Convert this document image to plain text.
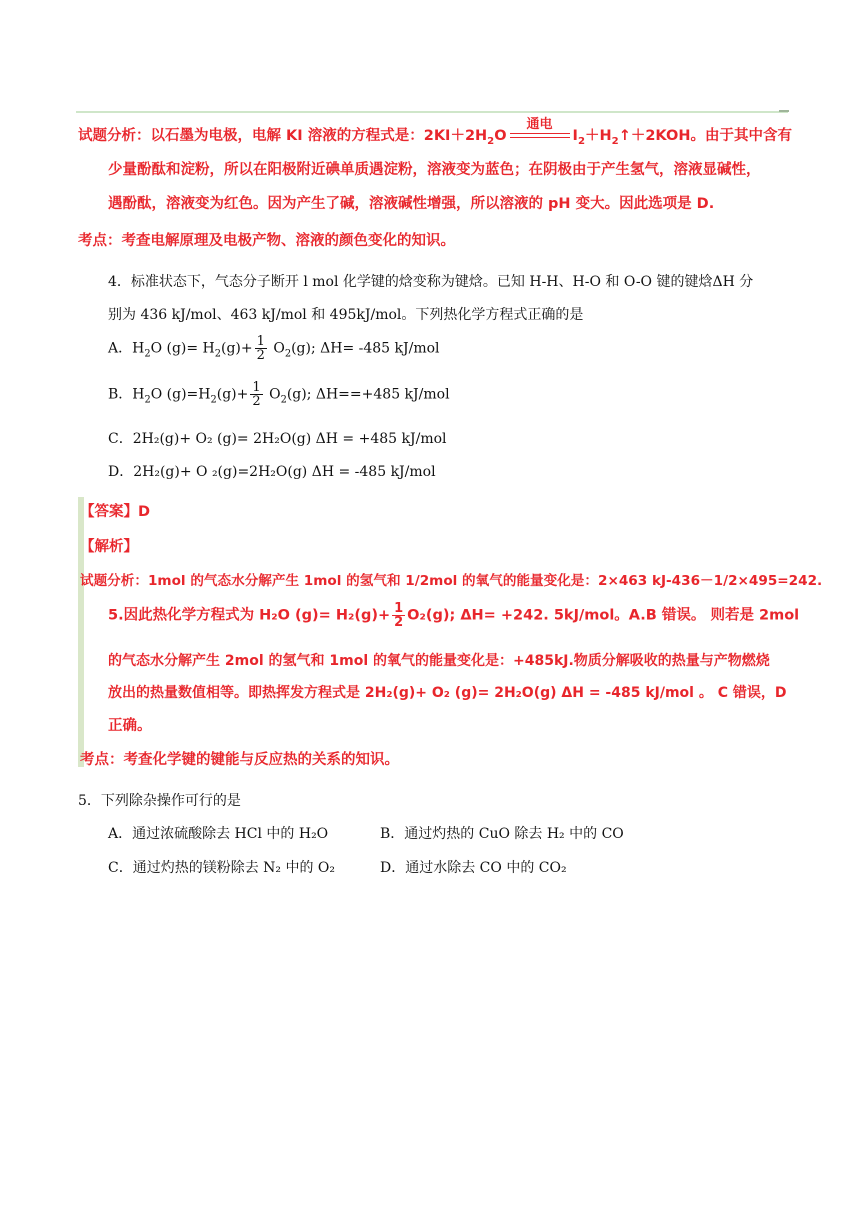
试题分析：以石墨为电极，电解 KI 溶液的方程式是：$2KI+2H_2O$
通电
$I_2+H_2↑+2KOH$。由于其中含有
少量酚酞和淀粉，所以在阳极附近碘单质遇淀粉，溶液变为蓝色；在阴极由于产生氢气，溶液显碱性，
遇酚酞，溶液变为红色。因为产生了碱，溶液碱性增强，所以溶液的 pH 变大。因此选项是 D.
考点：考查电解原理及电极产物、溶液的颜色变化的知识。
4．标准状态下，气态分子断开 l mol 化学键的焓变称为键焓。已知 H-H、H-O 和 O-O 键的键焓ΔH 分
别为 436 kJ/mol、463 kJ/mol 和 495kJ/mol。下列热化学方程式正确的是
A．$H_2O$ $(g)= H_2(g)+ \frac{1}{2} O_2(g)$; ΔH= -485 kJ/mol
B．$H_2O$ $(g)=H_2(g)+ \frac{1}{2} O_2(g)$; ΔH==+485 kJ/mol
C．2H₂(g)+ O₂ (g)= 2H₂O(g) ΔH = +485 kJ/mol
D．2H₂(g)+ O ₂(g)=2H₂O(g) ΔH = -485 kJ/mol
【答案】D
【解析】
试题分析：1mol 的气态水分解产生 1mol 的氢气和 1/2mol 的氧气的能量变化是：2×463 kJ-436－1/2×495=242.
5.因此热化学方程式为 H₂O $(g)= H_2(g)+ \frac{1}{2} O_2(g)$; ΔH= +242. 5kJ/mol。A.B 错误。 则若是 2mol
的气态水分解产生 2mol 的氢气和 1mol 的氧气的能量变化是：+485kJ.物质分解吸收的热量与产物燃烧
放出的热量数值相等。即热挥发方程式是 2H₂(g)+ O₂ (g)= 2H₂O(g) ΔH = -485 kJ/mol 。 C 错误，D
正确。
考点：考查化学键的键能与反应热的关系的知识。
5．下列除杂操作可行的是
A．通过浓硫酸除去 HCl 中的 H₂O	B．通过灼热的 CuO 除去 H₂ 中的 CO
C．通过灼热的镁粉除去 N₂ 中的 O₂	D．通过水除去 CO 中的 CO₂
